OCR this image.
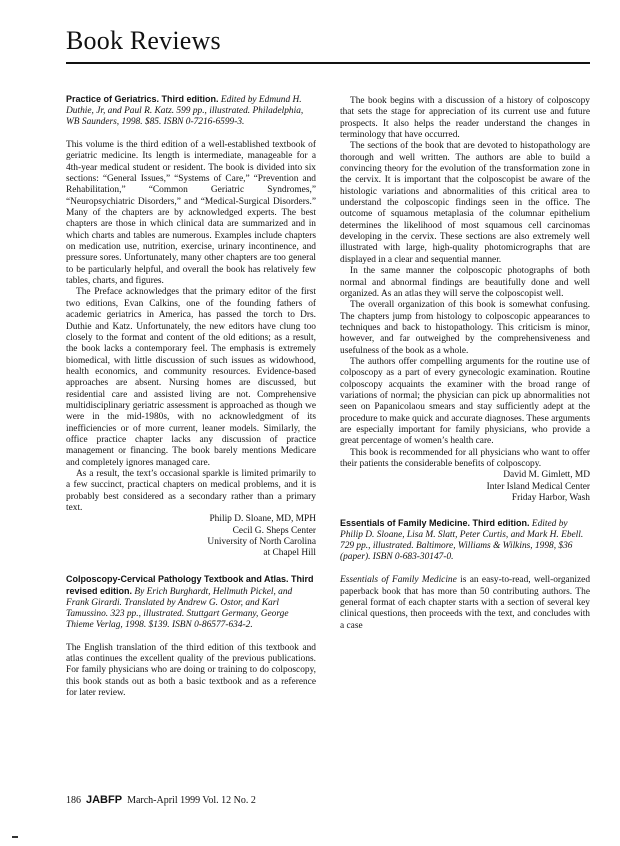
Book Reviews
Practice of Geriatrics. Third edition. Edited by Edmund H. Duthie, Jr, and Paul R. Katz. 599 pp., illustrated. Philadelphia, WB Saunders, 1998. $85. ISBN 0-7216-6599-3.

This volume is the third edition of a well-established textbook of geriatric medicine. Its length is intermediate, manageable for a 4th-year medical student or resident. The book is divided into six sections: “General Issues,” “Systems of Care,” “Prevention and Rehabilitation,” “Common Geriatric Syndromes,” “Neuropsychiatric Disorders,” and “Medical-Surgical Disorders.” Many of the chapters are by acknowledged experts. The best chapters are those in which clinical data are summarized and in which charts and tables are numerous. Examples include chapters on medication use, nutrition, exercise, urinary incontinence, and pressure sores. Unfortunately, many other chapters are too general to be particularly helpful, and overall the book has relatively few tables, charts, and figures.

The Preface acknowledges that the primary editor of the first two editions, Evan Calkins, one of the founding fathers of academic geriatrics in America, has passed the torch to Drs. Duthie and Katz. Unfortunately, the new editors have clung too closely to the format and content of the old editions; as a result, the book lacks a contemporary feel. The emphasis is extremely biomedical, with little discussion of such issues as widowhood, health economics, and community resources. Evidence-based approaches are absent. Nursing homes are discussed, but residential care and assisted living are not. Comprehensive multidisciplinary geriatric assessment is approached as though we were in the mid-1980s, with no acknowledgment of its inefficiencies or of more current, leaner models. Similarly, the office practice chapter lacks any discussion of practice management or financing. The book barely mentions Medicare and completely ignores managed care.

As a result, the text’s occasional sparkle is limited primarily to a few succinct, practical chapters on medical problems, and it is probably best considered as a secondary rather than a primary text.

Philip D. Sloane, MD, MPH

Cecil G. Sheps Center

University of North Carolina

at Chapel Hill

Colposcopy-Cervical Pathology Textbook and Atlas. Third revised edition. By Erich Burghardt, Hellmuth Pickel, and Frank Girardi. Translated by Andrew G. Ostor, and Karl Tamussino. 323 pp., illustrated. Stuttgart Germany, George Thieme Verlag, 1998. $139. ISBN 0-86577-634-2.

The English translation of the third edition of this textbook and atlas continues the excellent quality of the previous publications. For family physicians who are doing or training to do colposcopy, this book stands out as both a basic textbook and as a reference for later review.

The book begins with a discussion of a history of colposcopy that sets the stage for appreciation of its current use and future prospects. It also helps the reader understand the changes in terminology that have occurred.

The sections of the book that are devoted to histopathology are thorough and well written. The authors are able to build a convincing theory for the evolution of the transformation zone in the cervix. It is important that the colposcopist be aware of the histologic variations and abnormalities of this critical area to understand the colposcopic findings seen in the office. The outcome of squamous metaplasia of the columnar epithelium determines the likelihood of most squamous cell carcinomas developing in the cervix. These sections are also extremely well illustrated with large, high-quality photomicrographs that are displayed in a clear and sequential manner.

In the same manner the colposcopic photographs of both normal and abnormal findings are beautifully done and well organized. As an atlas they will serve the colposcopist well.

The overall organization of this book is somewhat confusing. The chapters jump from histology to colposcopic appearances to techniques and back to histopathology. This criticism is minor, however, and far outweighed by the comprehensiveness and usefulness of the book as a whole.

The authors offer compelling arguments for the routine use of colposcopy as a part of every gynecologic examination. Routine colposcopy acquaints the examiner with the broad range of variations of normal; the physician can pick up abnormalities not seen on Papanicolaou smears and stay sufficiently adept at the procedure to make quick and accurate diagnoses. These arguments are especially important for family physicians, who provide a great percentage of women’s health care.

This book is recommended for all physicians who want to offer their patients the considerable benefits of colposcopy.

David M. Gimlett, MD

Inter Island Medical Center

Friday Harbor, Wash

Essentials of Family Medicine. Third edition. Edited by Philip D. Sloane, Lisa M. Slatt, Peter Curtis, and Mark H. Ebell. 729 pp., illustrated. Baltimore, Williams & Wilkins, 1998, $36 (paper). ISBN 0-683-30147-0.

Essentials of Family Medicine is an easy-to-read, well-organized paperback book that has more than 50 contributing authors. The general format of each chapter starts with a section of several key clinical questions, then proceeds with the text, and concludes with a case

186 JABFP March-April 1999 Vol. 12 No. 2
